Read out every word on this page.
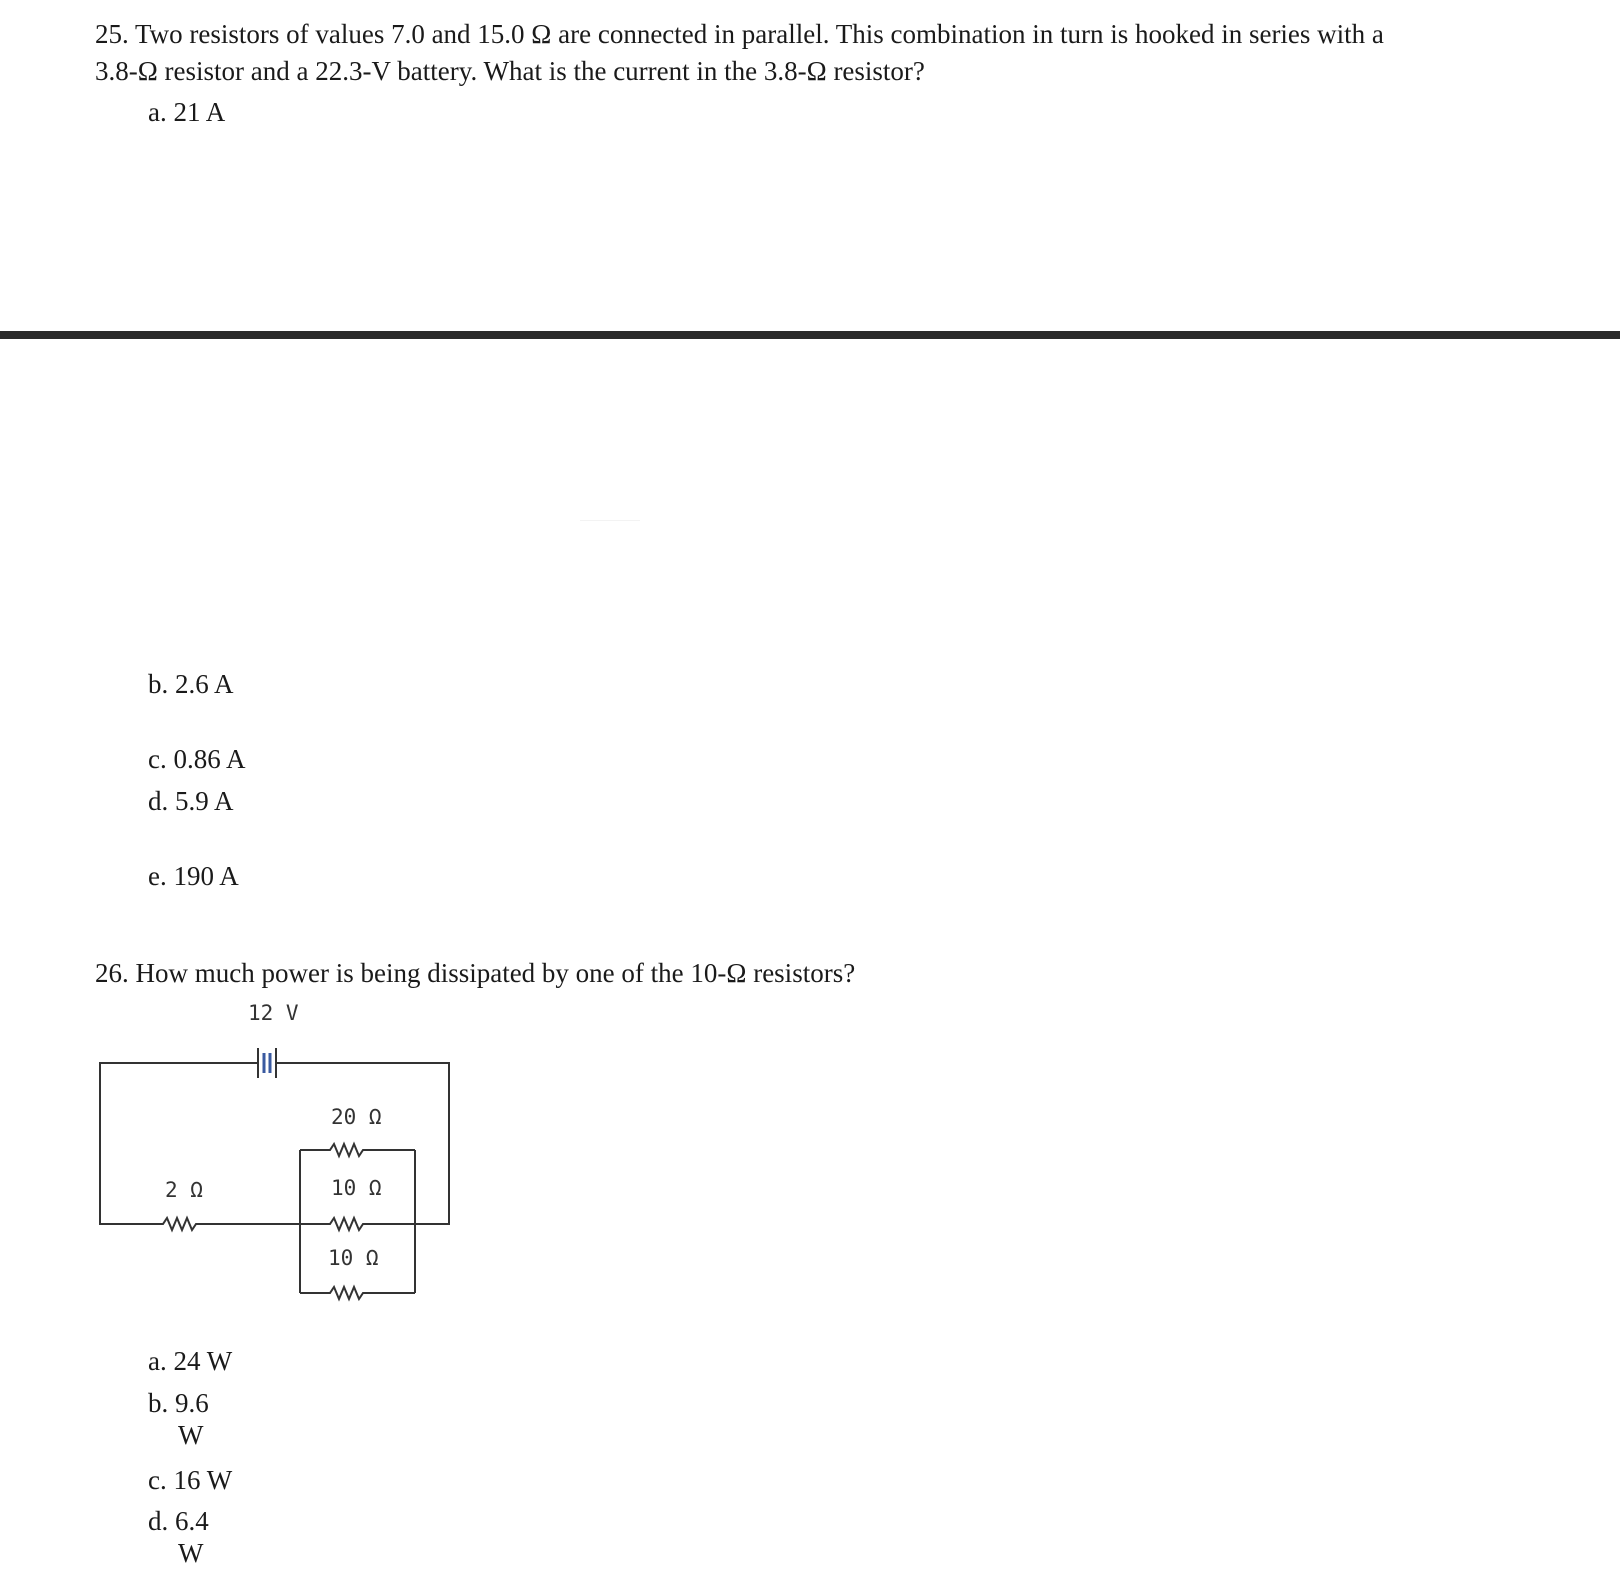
25. Two resistors of values 7.0 and 15.0 Ω are connected in parallel. This combination in turn is hooked in series with a
3.8-Ω resistor and a 22.3-V battery. What is the current in the 3.8-Ω resistor?
a. 21 A
b. 2.6 A
c. 0.86 A
d. 5.9 A
e. 190 A
26. How much power is being dissipated by one of the 10-Ω resistors?
12 V
2 Ω
20 Ω
10 Ω
10 Ω
a. 24 W
b. 9.6
W
c. 16 W
d. 6.4
W
